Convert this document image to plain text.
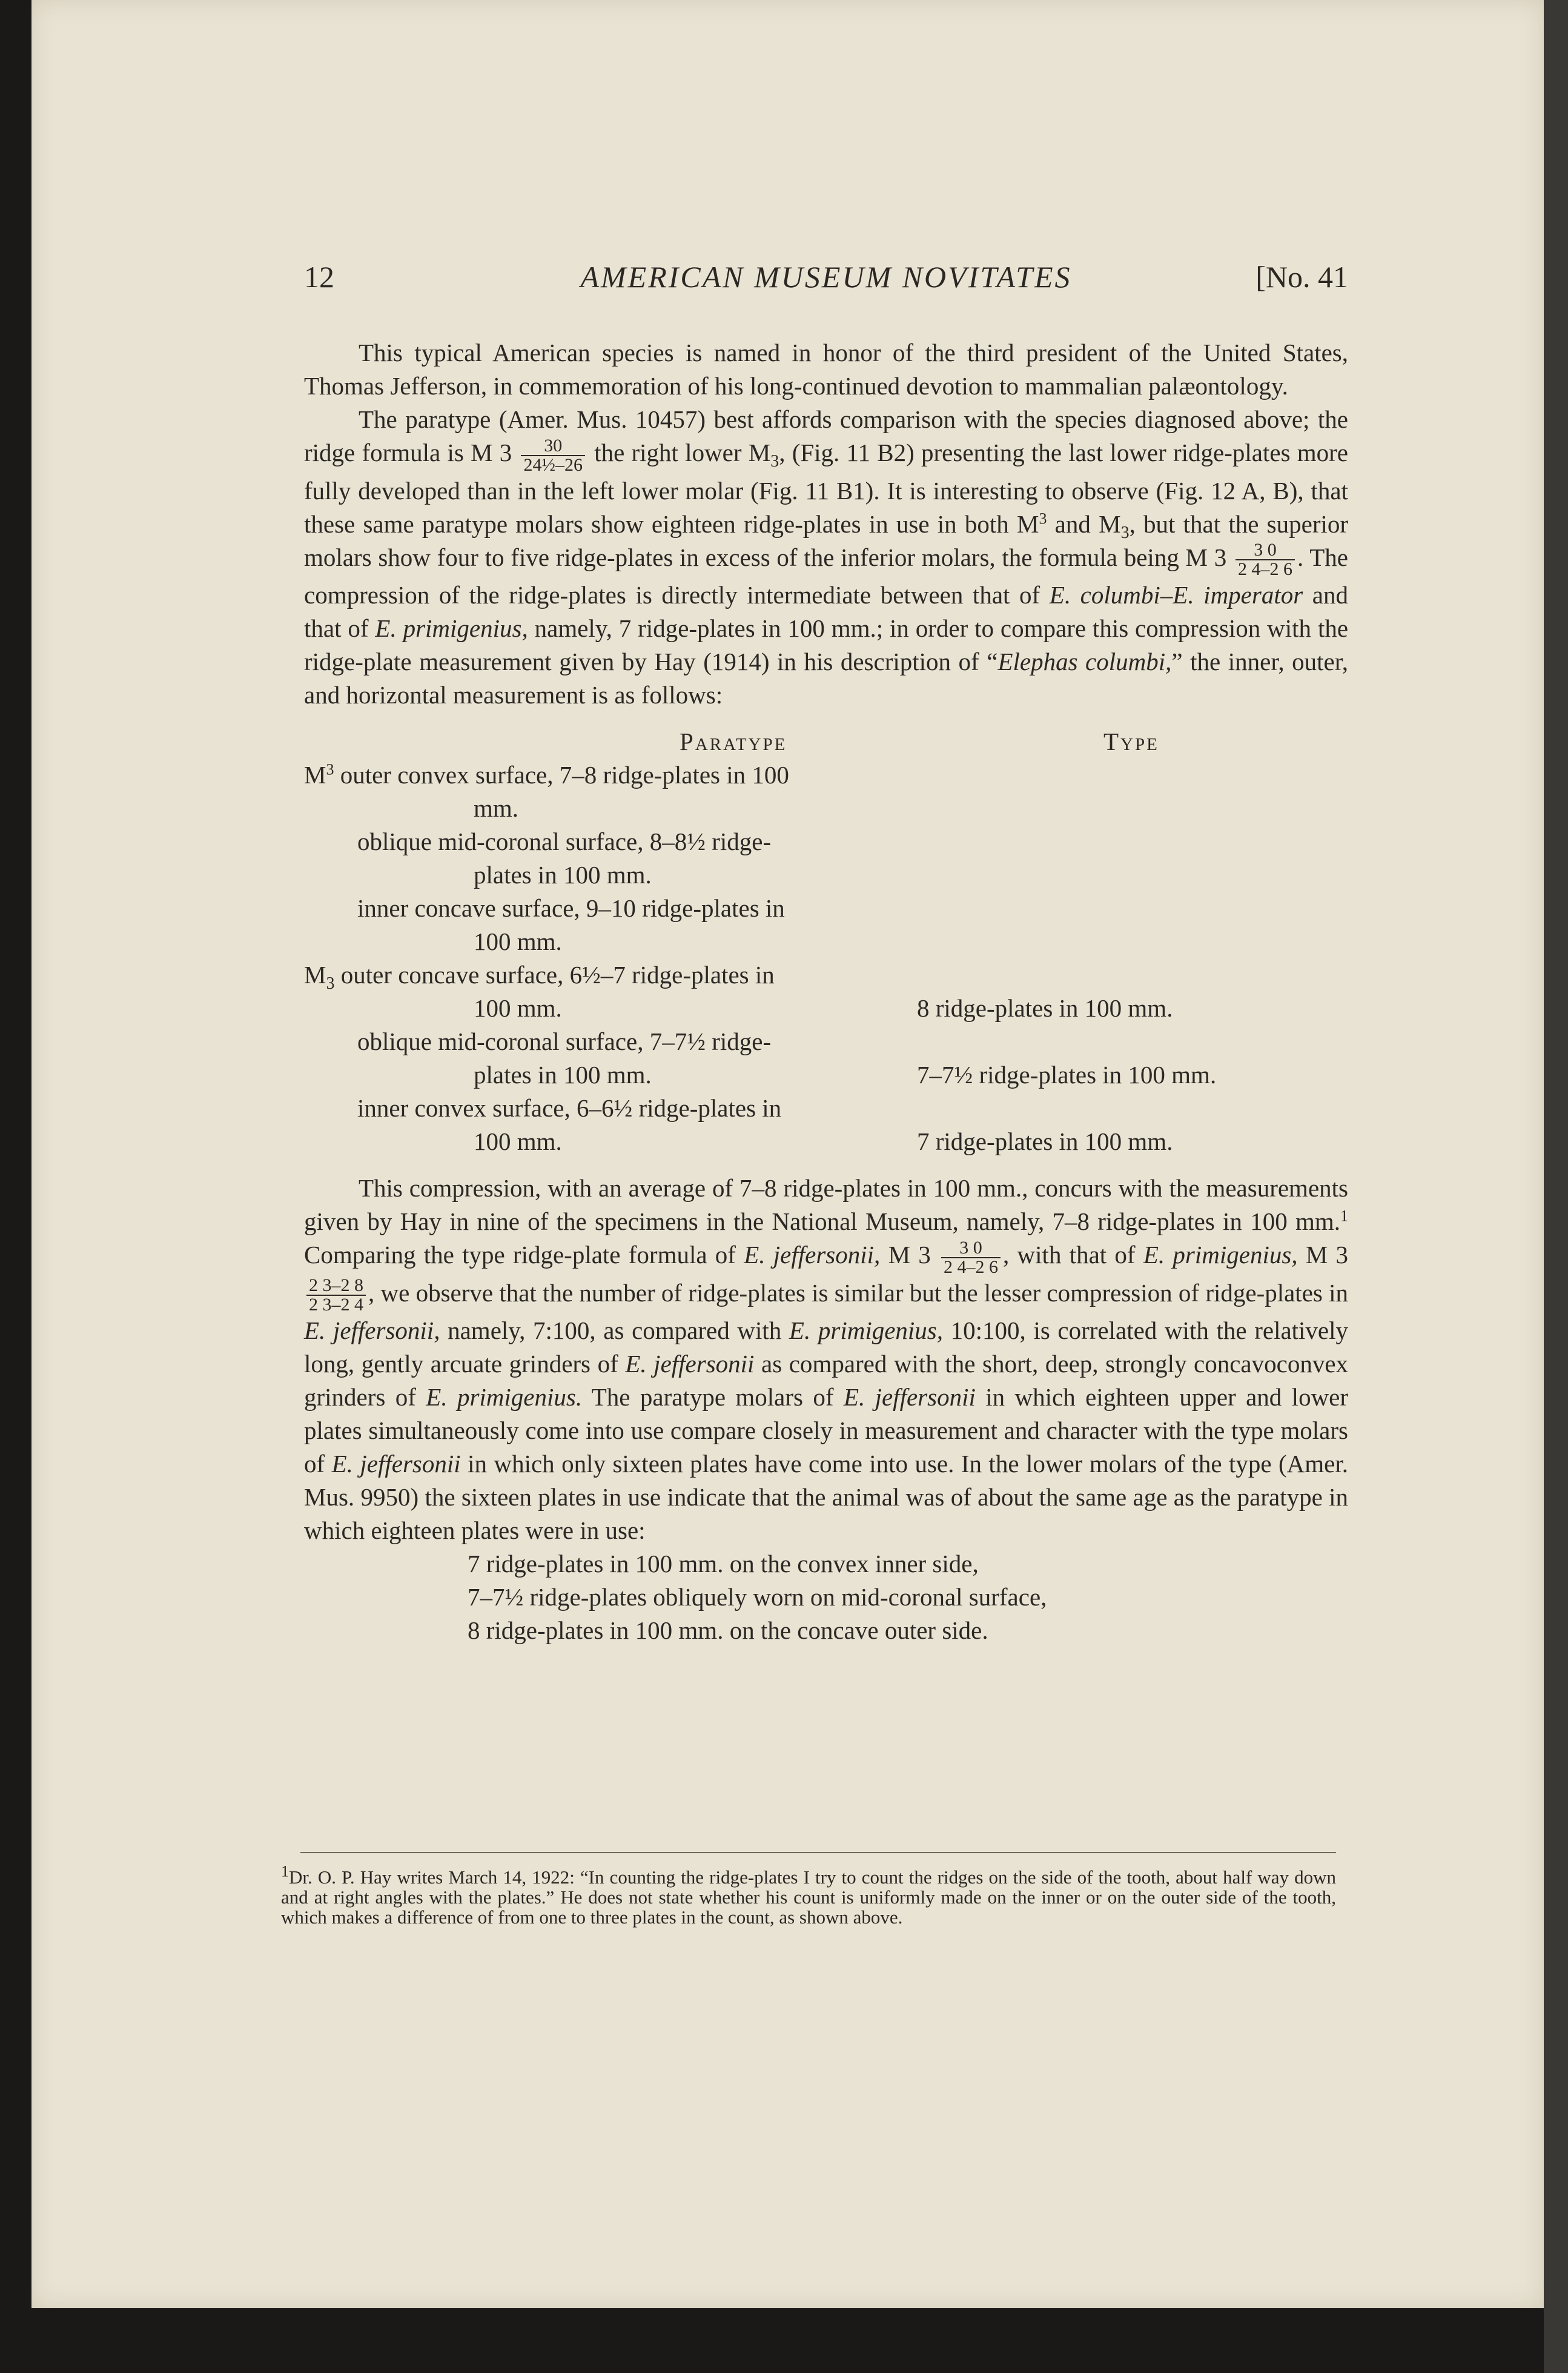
12	AMERICAN MUSEUM NOVITATES	[No. 41

This typical American species is named in honor of the third president of the United States, Thomas Jefferson, in commemoration of his long-continued devotion to mammalian palæontology.

The paratype (Amer. Mus. 10457) best affords comparison with the species diagnosed above; the ridge formula is M $3 \frac{30}{\text{24½–26}}$ the right lower $M_3$, (Fig. 11 B2) presenting the last lower ridge-plates more fully developed than in the left lower molar (Fig. 11 B1). It is interesting to observe (Fig. 12 A, B), that these same paratype molars show eighteen ridge-plates in use in both $M^3$ and $M_3$, but that the superior molars show four to five ridge-plates in excess of the inferior molars, the formula being M $3 \frac{3 0}{2 4-2 6}$ . The compression of the ridge-plates is directly intermediate between that of E. columbi–E. imperator and that of E. primigenius, namely, 7 ridge-plates in 100 mm.; in order to compare this compression with the ridge-plate measurement given by Hay (1914) in his description of “Elephas columbi,” the inner, outer, and horizontal measurement is as follows:

Paratype	Type
$M^3$ outer convex surface, 7–8 ridge-plates in 100
mm.
oblique mid-coronal surface, 8–8½ ridge-
plates in 100 mm.
inner concave surface, 9–10 ridge-plates in
100 mm.
$M_3$ outer concave surface, 6½–7 ridge-plates in
100 mm.	8 ridge-plates in 100 mm.
oblique mid-coronal surface, 7–7½ ridge-
plates in 100 mm.	7–7½ ridge-plates in 100 mm.
inner convex surface, 6–6½ ridge-plates in
100 mm.	7 ridge-plates in 100 mm.

This compression, with an average of 7–8 ridge-plates in 100 mm., concurs with the measurements given by Hay in nine of the specimens in the National Museum, namely, 7–8 ridge-plates in 100 mm.$^1$ Comparing the type ridge-plate formula of E. jeffersonii, M $3 \frac{3 0}{2 4-2 6}$ , with that of E. primigenius, M 3
$\frac{2 3-2 8}{2 3-2 4}$ , we observe that the number of ridge-plates is similar but the lesser compression of ridge-plates in E. jeffersonii, namely, 7:100, as compared with E. primigenius, 10:100, is correlated with the relatively long, gently arcuate grinders of E. jeffersonii as compared with the short, deep, strongly concavoconvex grinders of E. primigenius. The paratype molars of E. jeffersonii in which eighteen upper and lower plates simultaneously come into use compare closely in measurement and character with the type molars of E. jeffersonii in which only sixteen plates have come into use. In the lower molars of the type (Amer. Mus. 9950) the sixteen plates in use indicate that the animal was of about the same age as the paratype in which eighteen plates were in use:

7 ridge-plates in 100 mm. on the convex inner side,
7–7½ ridge-plates obliquely worn on mid-coronal surface,
8 ridge-plates in 100 mm. on the concave outer side.

$^1$Dr. O. P. Hay writes March 14, 1922: “In counting the ridge-plates I try to count the ridges on the side of the tooth, about half way down and at right angles with the plates.” He does not state whether his count is uniformly made on the inner or on the outer side of the tooth, which makes a difference of from one to three plates in the count, as shown above.
